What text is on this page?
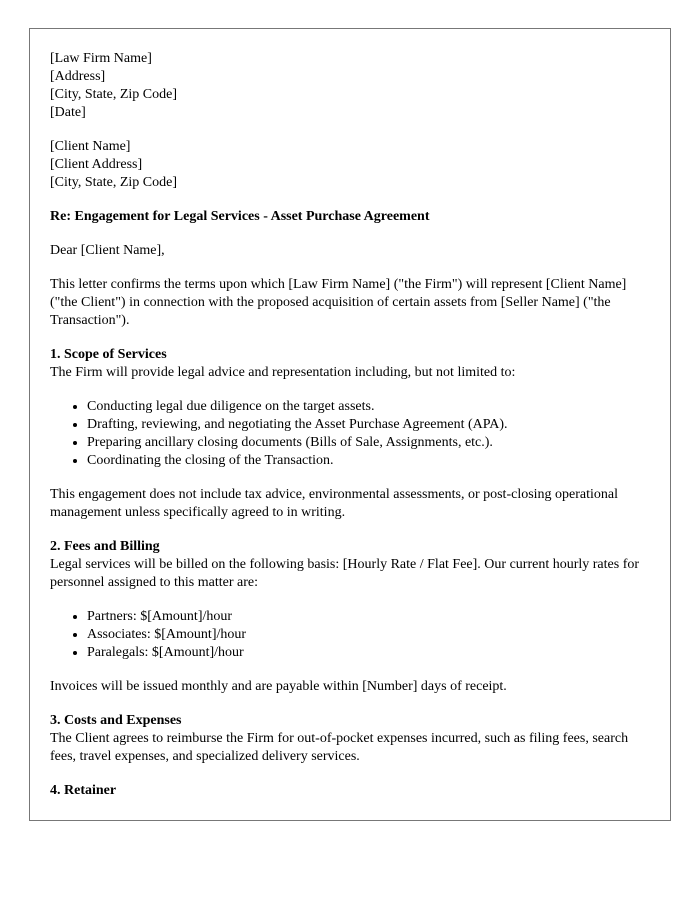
[Law Firm Name]
[Address]
[City, State, Zip Code]
[Date]
[Client Name]
[Client Address]
[City, State, Zip Code]
Re: Engagement for Legal Services - Asset Purchase Agreement
Dear [Client Name],
This letter confirms the terms upon which [Law Firm Name] ("the Firm") will represent [Client Name] ("the Client") in connection with the proposed acquisition of certain assets from [Seller Name] ("the Transaction").
1. Scope of Services
The Firm will provide legal advice and representation including, but not limited to:
• Conducting legal due diligence on the target assets.
• Drafting, reviewing, and negotiating the Asset Purchase Agreement (APA).
• Preparing ancillary closing documents (Bills of Sale, Assignments, etc.).
• Coordinating the closing of the Transaction.
This engagement does not include tax advice, environmental assessments, or post-closing operational management unless specifically agreed to in writing.
2. Fees and Billing
Legal services will be billed on the following basis: [Hourly Rate / Flat Fee]. Our current hourly rates for personnel assigned to this matter are:
• Partners: $[Amount]/hour
• Associates: $[Amount]/hour
• Paralegals: $[Amount]/hour
Invoices will be issued monthly and are payable within [Number] days of receipt.
3. Costs and Expenses
The Client agrees to reimburse the Firm for out-of-pocket expenses incurred, such as filing fees, search fees, travel expenses, and specialized delivery services.
4. Retainer
